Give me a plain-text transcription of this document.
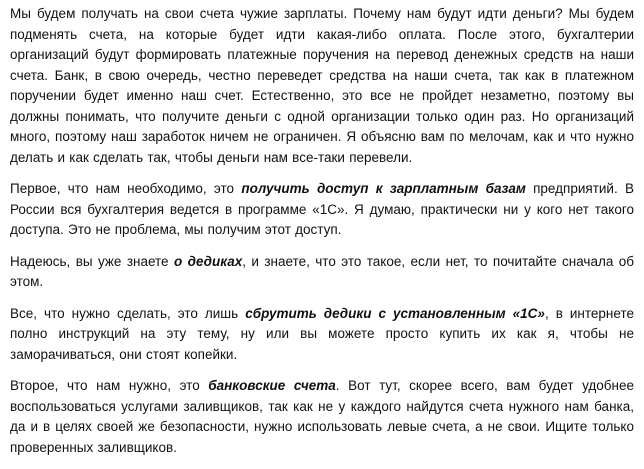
Мы будем получать на свои счета чужие зарплаты. Почему нам будут идти деньги? Мы будем подменять счета, на которые будет идти какая-либо оплата. После этого, бухгалтерии организаций будут формировать платежные поручения на перевод денежных средств на наши счета. Банк, в свою очередь, честно переведет средства на наши счета, так как в платежном поручении будет именно наш счет. Естественно, это все не пройдет незаметно, поэтому вы должны понимать, что получите деньги с одной организации только один раз. Но организаций много, поэтому наш заработок ничем не ограничен. Я объясню вам по мелочам, как и что нужно делать и как сделать так, чтобы деньги нам все-таки перевели.

Первое, что нам необходимо, это получить доступ к зарплатным базам предприятий. В России вся бухгалтерия ведется в программе «1С». Я думаю, практически ни у кого нет такого доступа. Это не проблема, мы получим этот доступ.

Надеюсь, вы уже знаете о дедиках, и знаете, что это такое, если нет, то почитайте сначала об этом.

Все, что нужно сделать, это лишь сбрутить дедики с установленным «1С», в интернете полно инструкций на эту тему, ну или вы можете просто купить их как я, чтобы не заморачиваться, они стоят копейки.

Второе, что нам нужно, это банковские счета. Вот тут, скорее всего, вам будет удобнее воспользоваться услугами заливщиков, так как не у каждого найдутся счета нужного нам банка, да и в целях своей же безопасности, нужно использовать левые счета, а не свои. Ищите только проверенных заливщиков.
